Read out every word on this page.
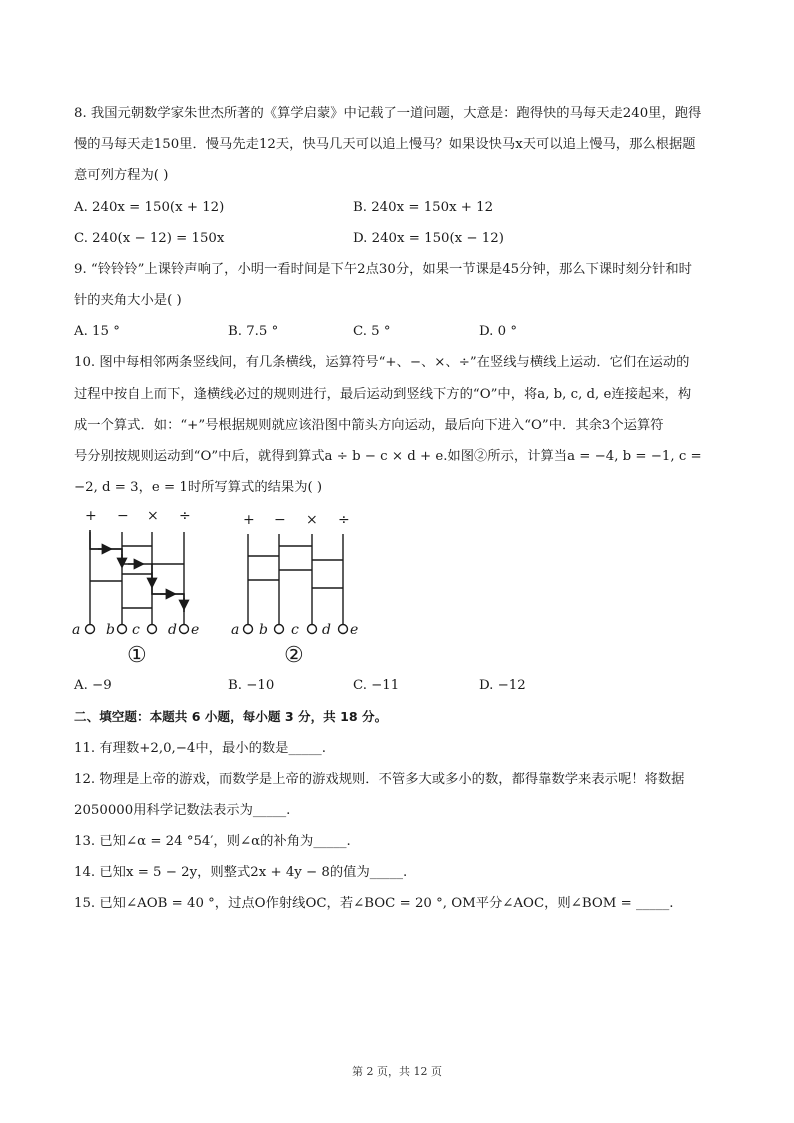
8. 我国元朝数学家朱世杰所著的《算学启蒙》中记载了一道问题，大意是：跑得快的马每天走240里，跑得
慢的马每天走150里．慢马先走12天，快马几天可以追上慢马？如果设快马x天可以追上慢马，那么根据题
意可列方程为( )
A. 240x = 150(x + 12)	B. 240x = 150x + 12
C. 240(x − 12) = 150x	D. 240x = 150(x − 12)
9. “铃铃铃”上课铃声响了，小明一看时间是下午2点30分，如果一节课是45分钟，那么下课时刻分针和时
针的夹角大小是( )
A. 15 °	B. 7.5 °	C. 5 °	D. 0 °
10. 图中每相邻两条竖线间，有几条横线，运算符号“+、−、×、÷”在竖线与横线上运动．它们在运动的
过程中按自上而下，逢横线必过的规则进行，最后运动到竖线下方的“O”中，将a, b, c, d, e连接起来，构
成一个算式．如：“+”号根据规则就应该沿图中箭头方向运动，最后向下进入“O”中．其余3个运算符
号分别按规则运动到“O”中后，就得到算式a ÷ b − c × d + e.如图②所示，计算当a = −4, b = −1, c =
−2, d = 3，e = 1时所写算式的结果为( )
+ − × ÷
a b c d e
①
+ − × ÷
a b c d e
②
A. −9	B. −10	C. −11	D. −12
二、填空题：本题共 6 小题，每小题 3 分，共 18 分。
11. 有理数+2,0,−4中，最小的数是_____.
12. 物理是上帝的游戏，而数学是上帝的游戏规则．不管多大或多小的数，都得靠数学来表示呢！将数据
2050000用科学记数法表示为_____.
13. 已知∠α = 24 °54′，则∠α的补角为_____.
14. 已知x = 5 − 2y，则整式2x + 4y − 8的值为_____.
15. 已知∠AOB = 40 °，过点O作射线OC，若∠BOC = 20 °, OM平分∠AOC，则∠BOM = _____.
第 2 页，共 12 页
